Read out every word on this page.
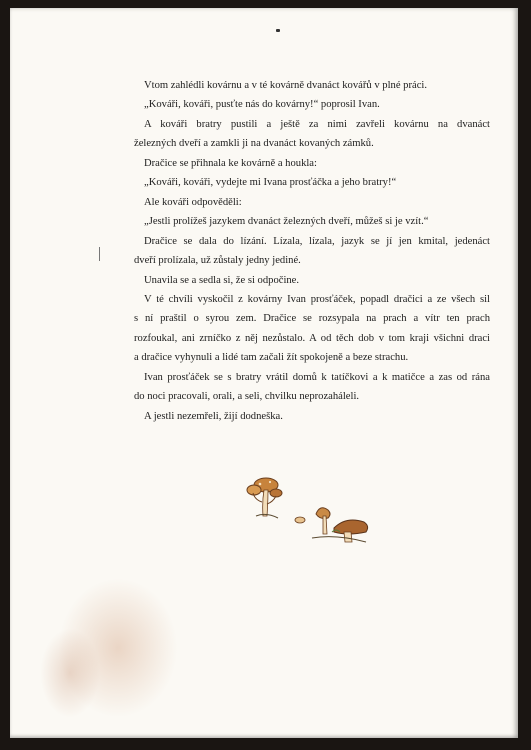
Vtom zahlédli kovárnu a v té kovárně dvanáct kovářů v plné práci.

„Kováři, kováři, pusťte nás do kovárny!“ poprosil Ivan.

A kováři bratry pustili a ještě za nimi zavřeli kovárnu na dvanáct

železných dveří a zamkli ji na dvanáct kovaných zámků.

Dračice se přihnala ke kovárně a houkla:

„Kováři, kováři, vydejte mi Ivana prosťáčka a jeho bratry!“

Ale kováři odpověděli:

„Jestli prolížeš jazykem dvanáct železných dveří, můžeš si je vzít.“

Dračice se dala do lízání. Lízala, lízala, jazyk se jí jen kmital, jedenáct

dveří prolízala, už zůstaly jedny jediné.

Unavila se a sedla si, že si odpočine.

V té chvíli vyskočil z kovárny Ivan prosťáček, popadl dračici a ze všech sil

s ní praštil o syrou zem. Dračice se rozsypala na prach a vítr ten prach

rozfoukal, ani zrníčko z něj nezůstalo. A od těch dob v tom kraji všichni draci

a dračice vyhynuli a lidé tam začali žít spokojeně a beze strachu.

Ivan prosťáček se s bratry vrátil domů k tatíčkovi a k matičce a zas od rána

do noci pracovali, orali, a seli, chvilku neprozaháleli.

A jestli nezemřeli, žijí dodneška.
